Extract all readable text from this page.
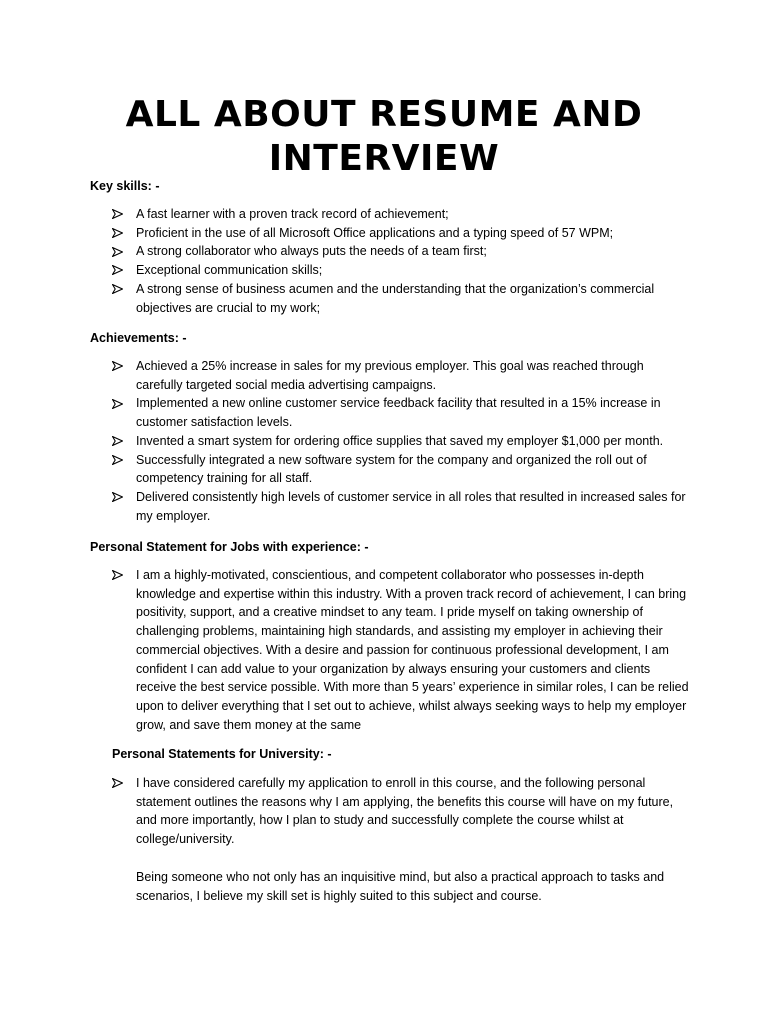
ALL ABOUT RESUME AND
INTERVIEW
Key skills: -
A fast learner with a proven track record of achievement;
Proficient in the use of all Microsoft Office applications and a typing speed of 57 WPM;
A strong collaborator who always puts the needs of a team first;
Exceptional communication skills;
A strong sense of business acumen and the understanding that the organization’s commercial objectives are crucial to my work;
Achievements: -
Achieved a 25% increase in sales for my previous employer. This goal was reached through carefully targeted social media advertising campaigns.
Implemented a new online customer service feedback facility that resulted in a 15% increase in customer satisfaction levels.
Invented a smart system for ordering office supplies that saved my employer $1,000 per month.
Successfully integrated a new software system for the company and organized the roll out of competency training for all staff.
Delivered consistently high levels of customer service in all roles that resulted in increased sales for my employer.
Personal Statement for Jobs with experience: -
I am a highly-motivated, conscientious, and competent collaborator who possesses in-depth knowledge and expertise within this industry. With a proven track record of achievement, I can bring positivity, support, and a creative mindset to any team. I pride myself on taking ownership of challenging problems, maintaining high standards, and assisting my employer in achieving their commercial objectives. With a desire and passion for continuous professional development, I am confident I can add value to your organization by always ensuring your customers and clients receive the best service possible. With more than 5 years’ experience in similar roles, I can be relied upon to deliver everything that I set out to achieve, whilst always seeking ways to help my employer grow, and save them money at the same
Personal Statements for University: -
I have considered carefully my application to enroll in this course, and the following personal statement outlines the reasons why I am applying, the benefits this course will have on my future, and more importantly, how I plan to study and successfully complete the course whilst at college/university.
Being someone who not only has an inquisitive mind, but also a practical approach to tasks and scenarios, I believe my skill set is highly suited to this subject and course.
